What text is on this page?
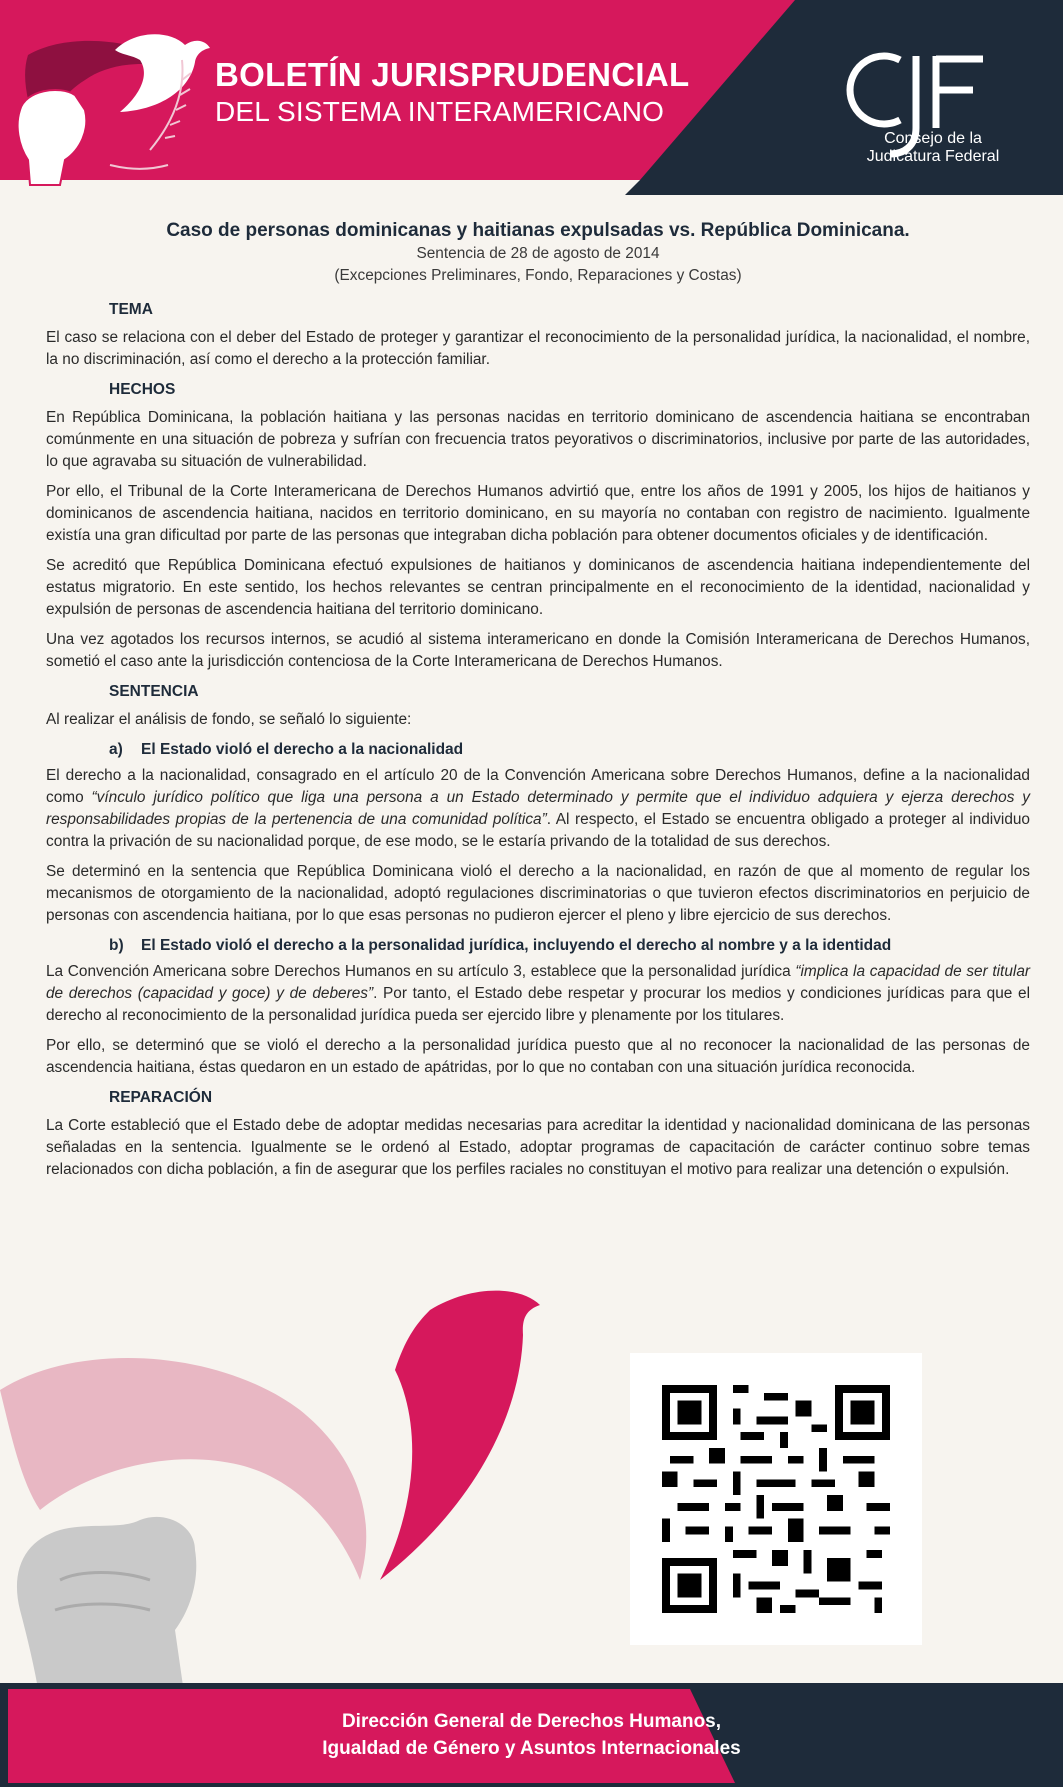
BOLETÍN JURISPRUDENCIAL
DEL SISTEMA INTERAMERICANO
Consejo de la
Judicatura Federal
Caso de personas dominicanas y haitianas expulsadas vs. República Dominicana.
Sentencia de 28 de agosto de 2014
(Excepciones Preliminares, Fondo, Reparaciones y Costas)
TEMA

El caso se relaciona con el deber del Estado de proteger y garantizar el reconocimiento de la personalidad jurídica, la nacionalidad, el nombre, la no discriminación, así como el derecho a la protección familiar.

HECHOS

En República Dominicana, la población haitiana y las personas nacidas en territorio dominicano de ascendencia haitiana se encontraban comúnmente en una situación de pobreza y sufrían con frecuencia tratos peyorativos o discriminatorios, inclusive por parte de las autoridades, lo que agravaba su situación de vulnerabilidad.

Por ello, el Tribunal de la Corte Interamericana de Derechos Humanos advirtió que, entre los años de 1991 y 2005, los hijos de haitianos y dominicanos de ascendencia haitiana, nacidos en territorio dominicano, en su mayoría no contaban con registro de nacimiento. Igualmente existía una gran dificultad por parte de las personas que integraban dicha población para obtener documentos oficiales y de identificación.

Se acreditó que República Dominicana efectuó expulsiones de haitianos y dominicanos de ascendencia haitiana independientemente del estatus migratorio. En este sentido, los hechos relevantes se centran principalmente en el reconocimiento de la identidad, nacionalidad y expulsión de personas de ascendencia haitiana del territorio dominicano.

Una vez agotados los recursos internos, se acudió al sistema interamericano en donde la Comisión Interamericana de Derechos Humanos, sometió el caso ante la jurisdicción contenciosa de la Corte Interamericana de Derechos Humanos.

SENTENCIA

Al realizar el análisis de fondo, se señaló lo siguiente:

a) El Estado violó el derecho a la nacionalidad

El derecho a la nacionalidad, consagrado en el artículo 20 de la Convención Americana sobre Derechos Humanos, define a la nacionalidad como “vínculo jurídico político que liga una persona a un Estado determinado y permite que el individuo adquiera y ejerza derechos y responsabilidades propias de la pertenencia de una comunidad política”. Al respecto, el Estado se encuentra obligado a proteger al individuo contra la privación de su nacionalidad porque, de ese modo, se le estaría privando de la totalidad de sus derechos.

Se determinó en la sentencia que República Dominicana violó el derecho a la nacionalidad, en razón de que al momento de regular los mecanismos de otorgamiento de la nacionalidad, adoptó regulaciones discriminatorias o que tuvieron efectos discriminatorios en perjuicio de personas con ascendencia haitiana, por lo que esas personas no pudieron ejercer el pleno y libre ejercicio de sus derechos.

b) El Estado violó el derecho a la personalidad jurídica, incluyendo el derecho al nombre y a la identidad

La Convención Americana sobre Derechos Humanos en su artículo 3, establece que la personalidad jurídica “implica la capacidad de ser titular de derechos (capacidad y goce) y de deberes”. Por tanto, el Estado debe respetar y procurar los medios y condiciones jurídicas para que el derecho al reconocimiento de la personalidad jurídica pueda ser ejercido libre y plenamente por los titulares.

Por ello, se determinó que se violó el derecho a la personalidad jurídica puesto que al no reconocer la nacionalidad de las personas de ascendencia haitiana, éstas quedaron en un estado de apátridas, por lo que no contaban con una situación jurídica reconocida.

REPARACIÓN

La Corte estableció que el Estado debe de adoptar medidas necesarias para acreditar la identidad y nacionalidad dominicana de las personas señaladas en la sentencia. Igualmente se le ordenó al Estado, adoptar programas de capacitación de carácter continuo sobre temas relacionados con dicha población, a fin de asegurar que los perfiles raciales no constituyan el motivo para realizar una detención o expulsión.

Dirección General de Derechos Humanos,
Igualdad de Género y Asuntos Internacionales
